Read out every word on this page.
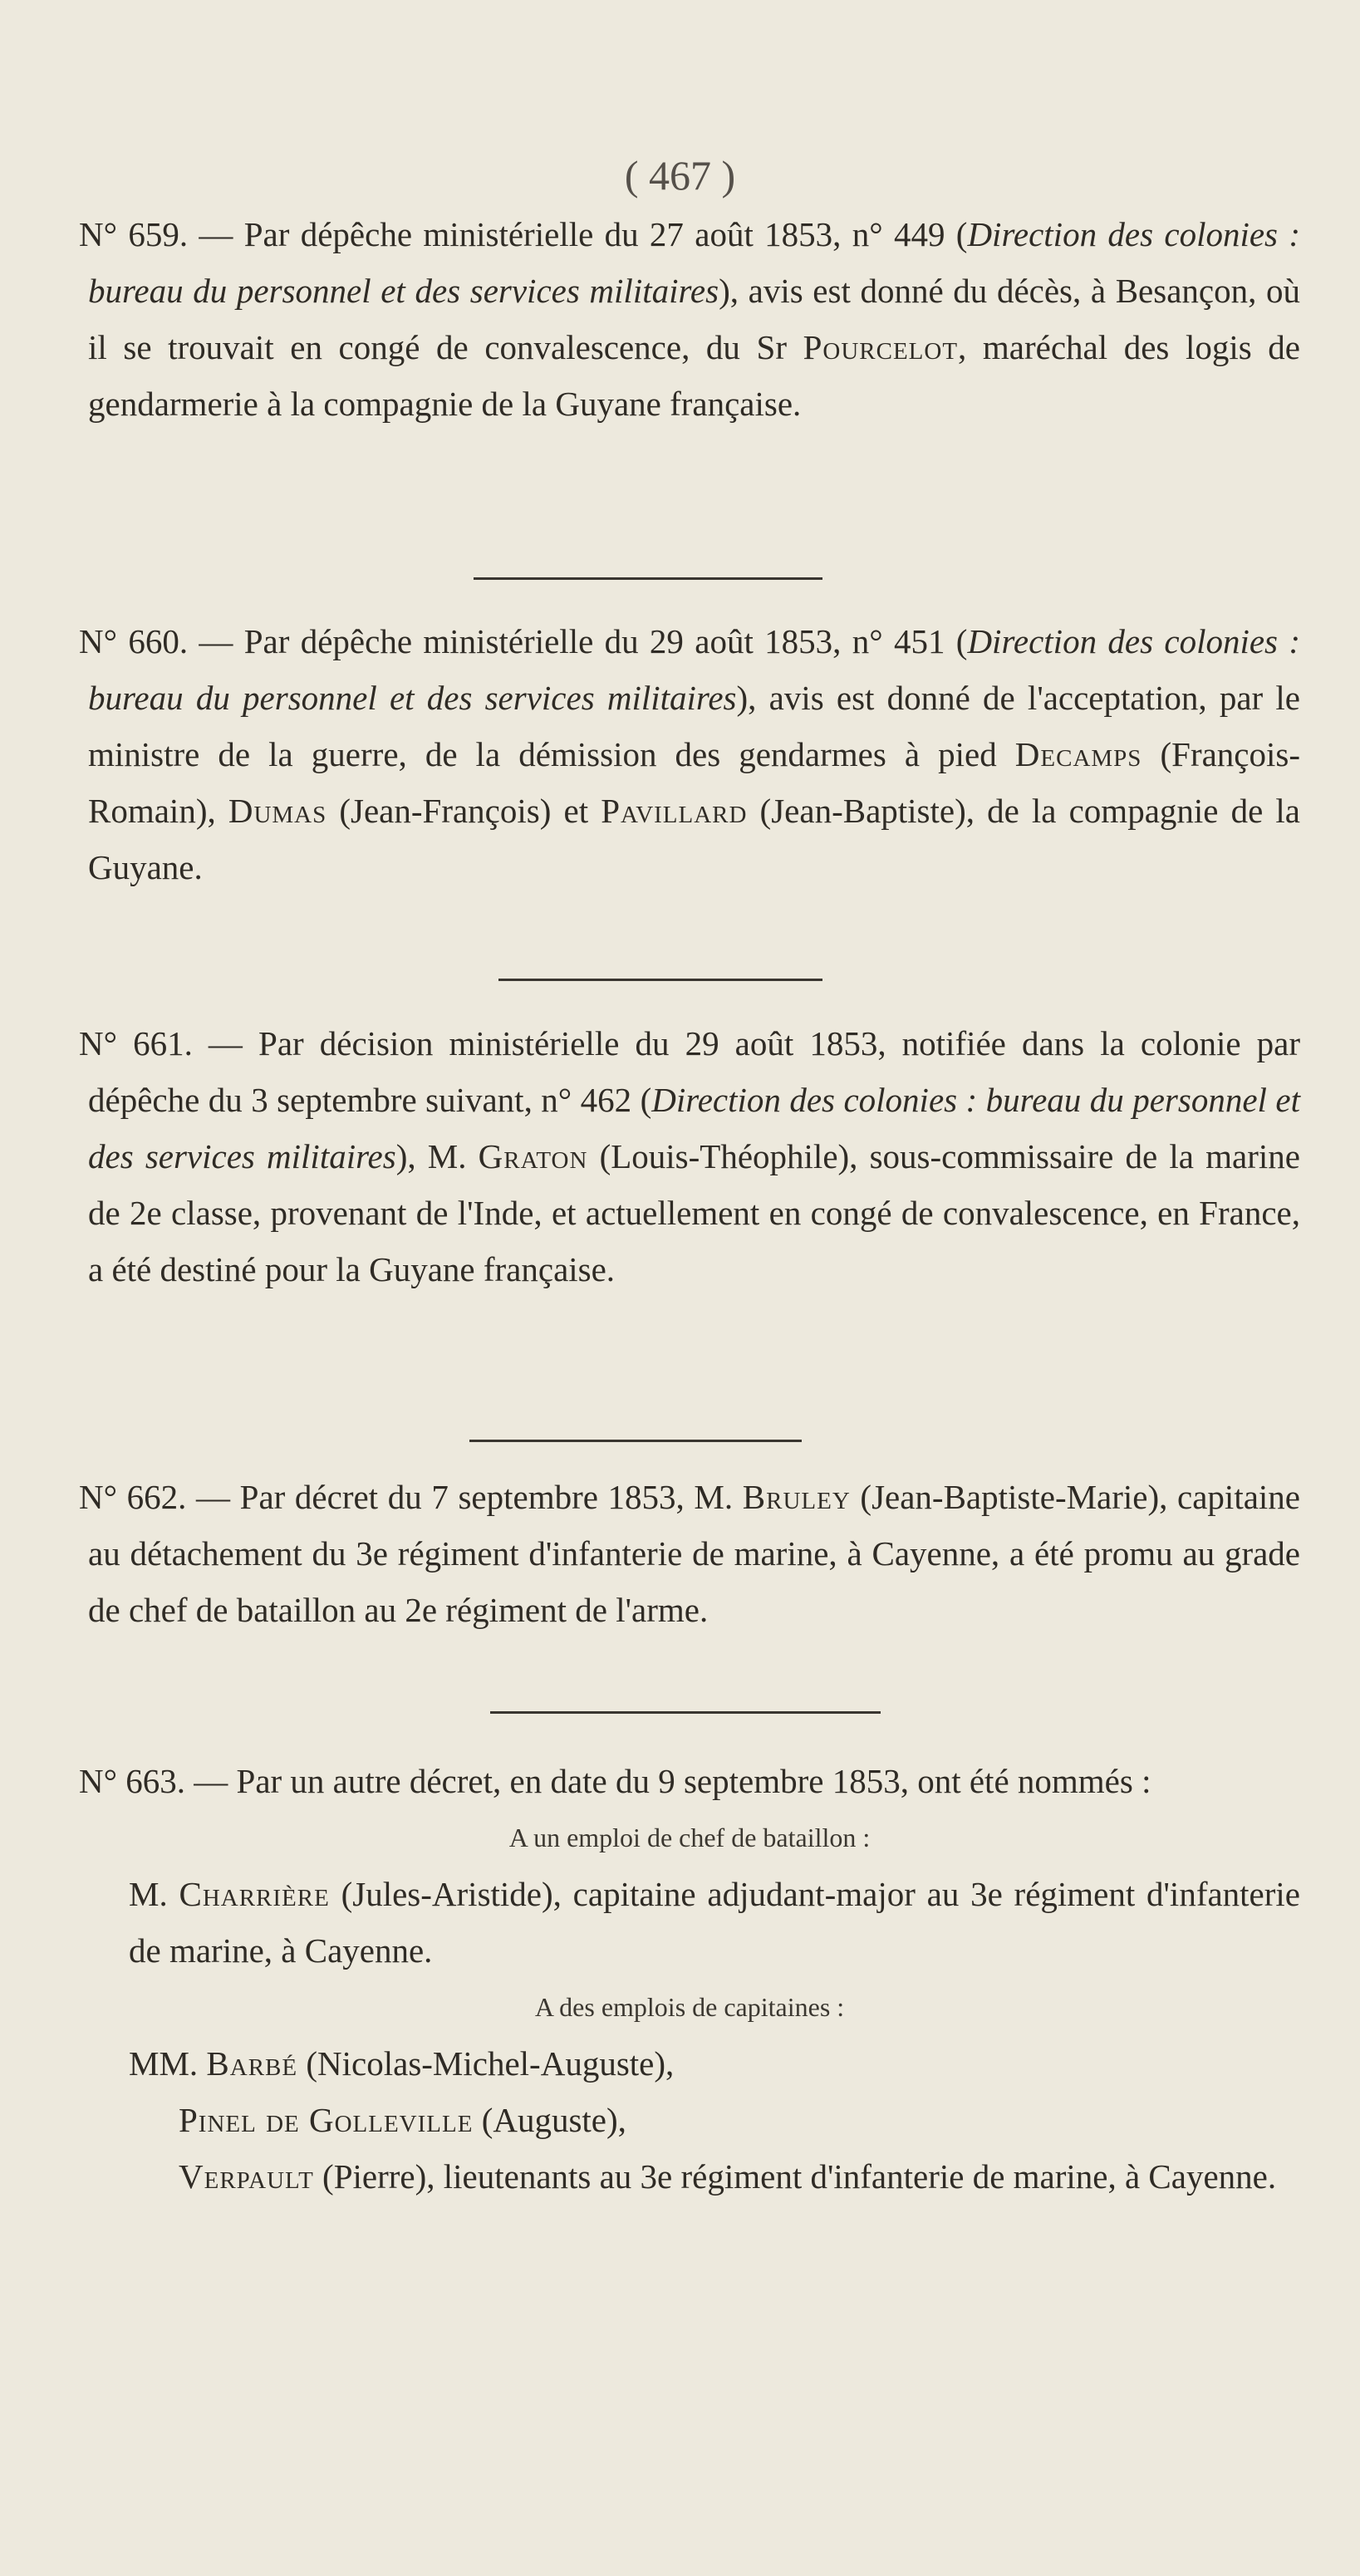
( 467 )

N° 659. — Par dépêche ministérielle du 27 août 1853, n° 449 (Direction des colonies : bureau du personnel et des services militaires), avis est donné du décès, à Besançon, où il se trouvait en congé de convalescence, du Sr Pourcelot, maréchal des logis de gendarmerie à la compagnie de la Guyane française.

N° 660. — Par dépêche ministérielle du 29 août 1853, n° 451 (Direction des colonies : bureau du personnel et des services militaires), avis est donné de l'acceptation, par le ministre de la guerre, de la démission des gendarmes à pied Decamps (François-Romain), Dumas (Jean-François) et Pavillard (Jean-Baptiste), de la compagnie de la Guyane.

N° 661. — Par décision ministérielle du 29 août 1853, notifiée dans la colonie par dépêche du 3 septembre suivant, n° 462 (Direction des colonies : bureau du personnel et des services militaires), M. Graton (Louis-Théophile), sous-commissaire de la marine de 2e classe, provenant de l'Inde, et actuellement en congé de convalescence, en France, a été destiné pour la Guyane française.

N° 662. — Par décret du 7 septembre 1853, M. Bruley (Jean-Baptiste-Marie), capitaine au détachement du 3e régiment d'infanterie de marine, à Cayenne, a été promu au grade de chef de bataillon au 2e régiment de l'arme.

N° 663. — Par un autre décret, en date du 9 septembre 1853, ont été nommés :

A un emploi de chef de bataillon :

M. Charrière (Jules-Aristide), capitaine adjudant-major au 3e régiment d'infanterie de marine, à Cayenne.

A des emplois de capitaines :

MM. Barbé (Nicolas-Michel-Auguste),

Pinel de Golleville (Auguste),

Verpault (Pierre), lieutenants au 3e régiment d'infanterie de marine, à Cayenne.
